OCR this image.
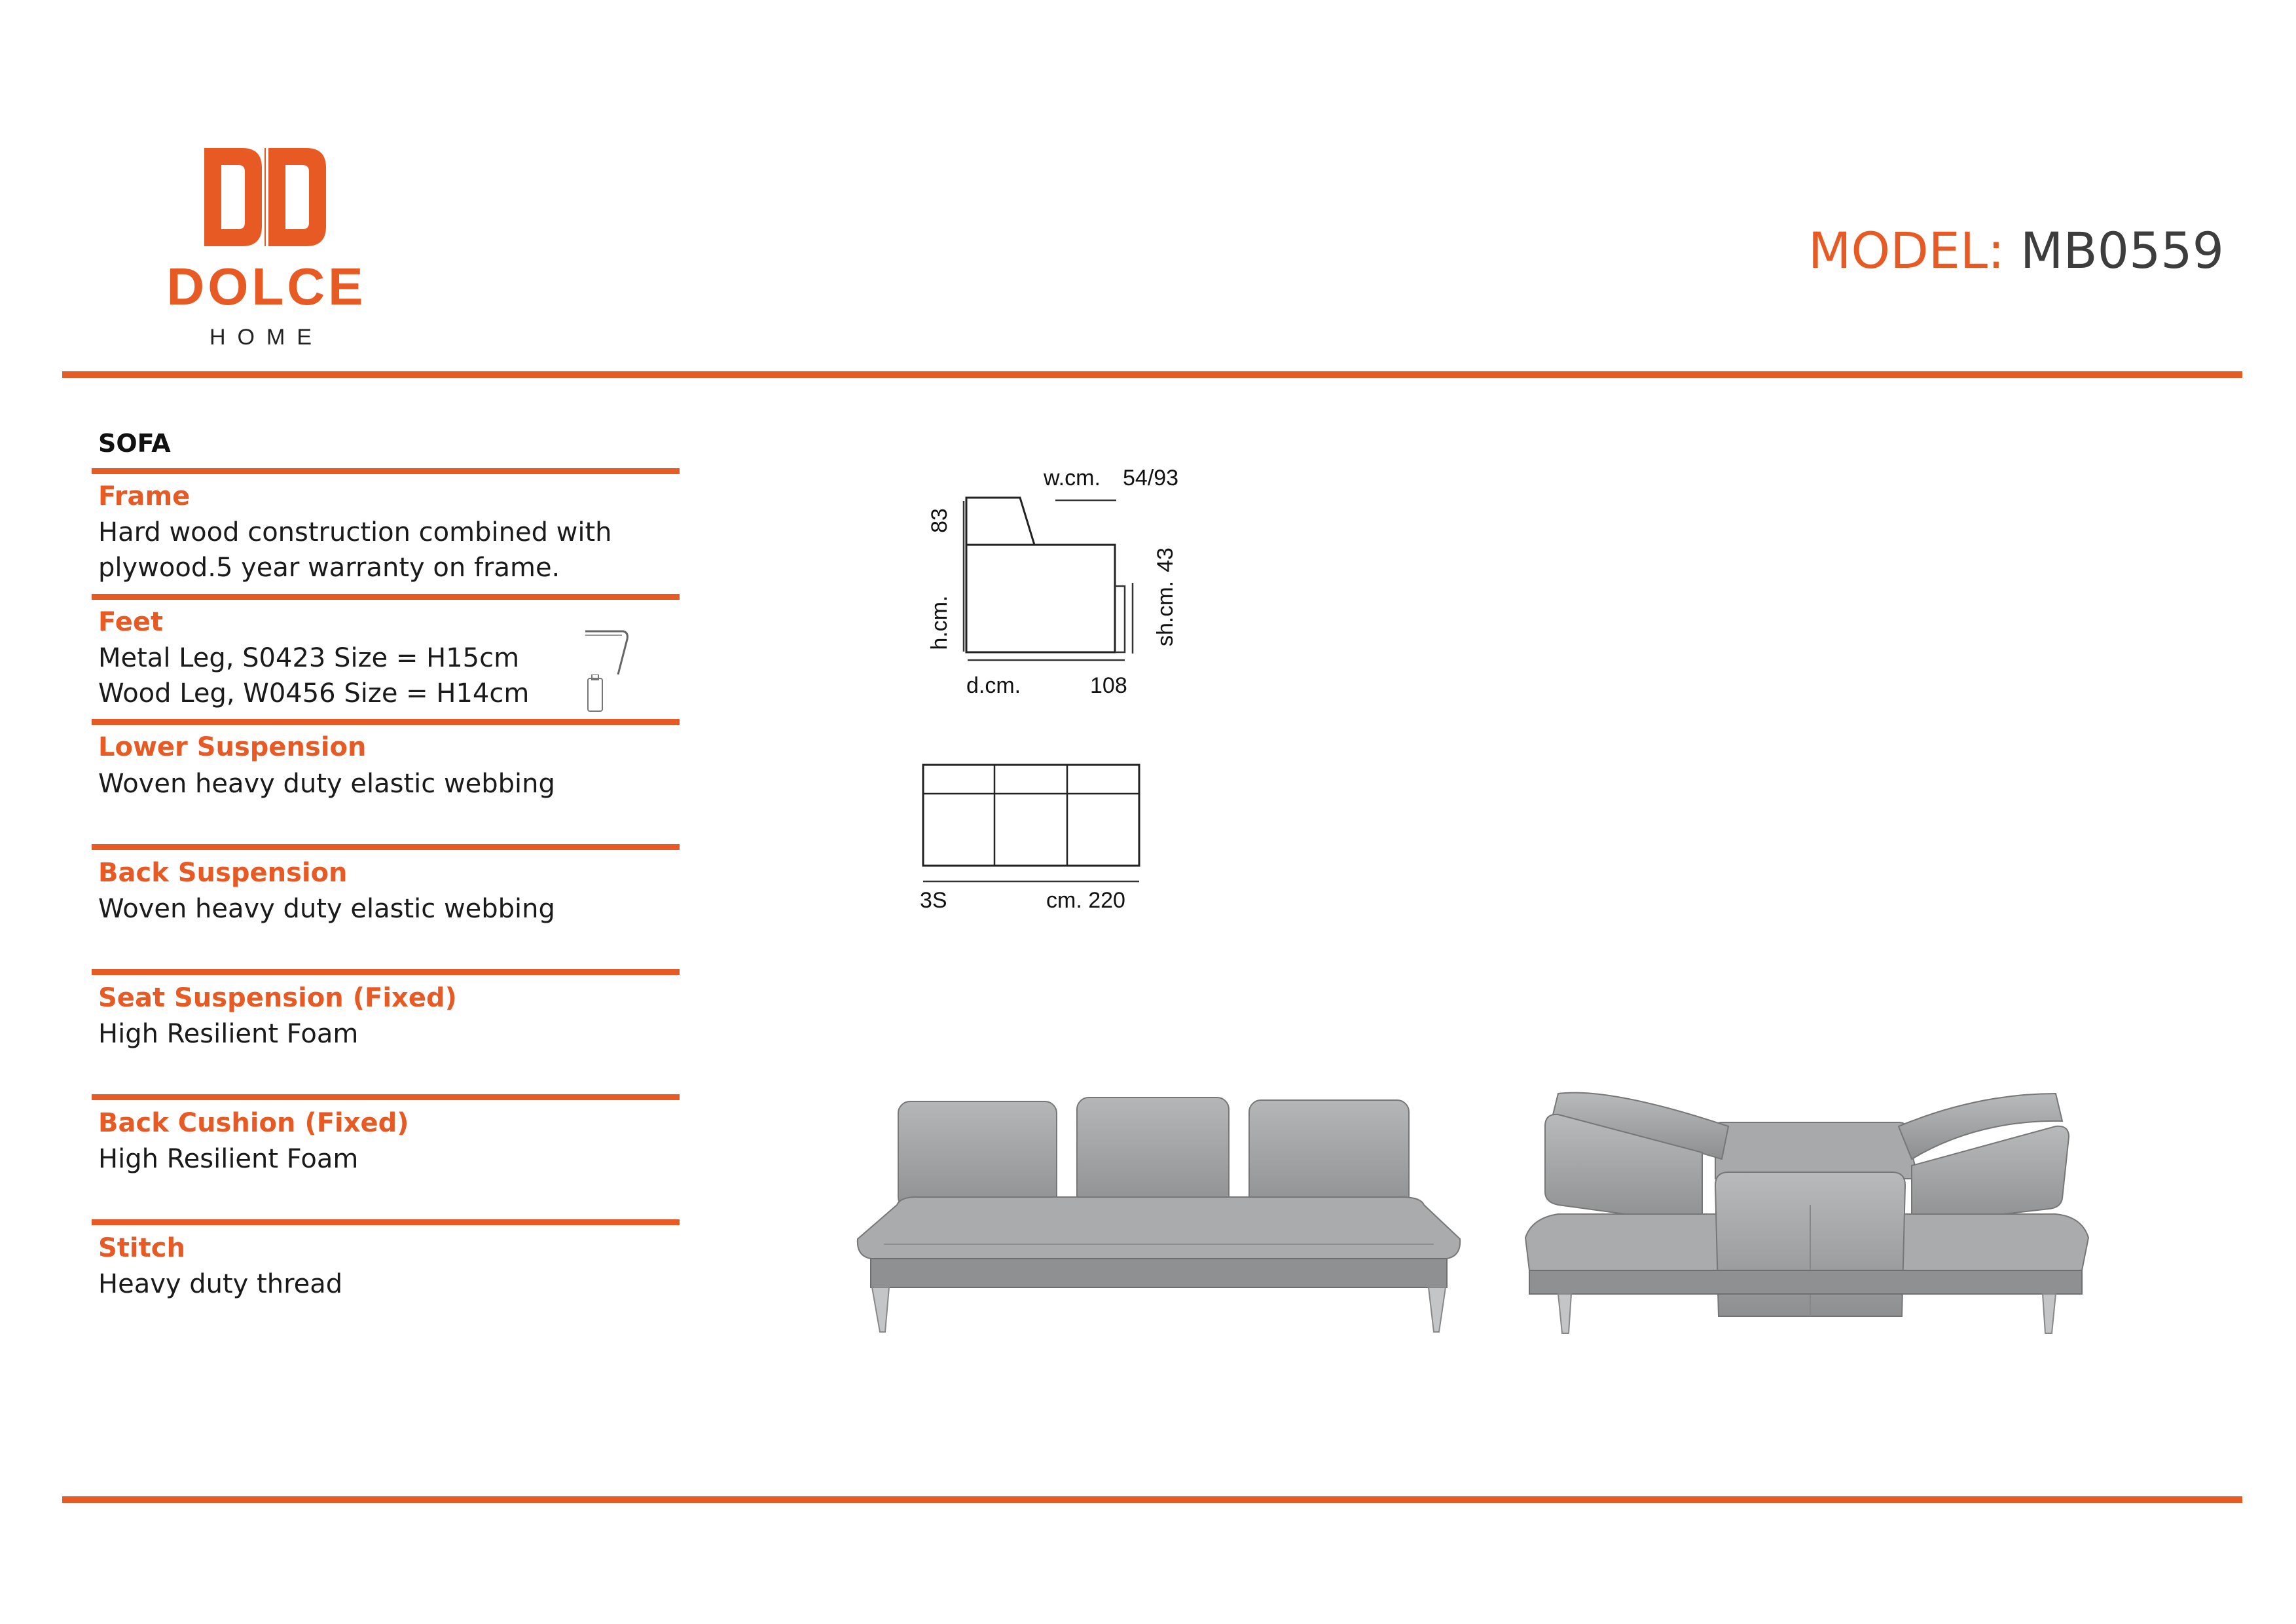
DOLCE
HOME
MODEL: MB0559
SOFA
Frame
Hard wood construction combined with
plywood.5 year warranty on frame.
Feet
Metal Leg, S0423 Size = H15cm
Wood Leg, W0456 Size = H14cm
Lower Suspension
Woven heavy duty elastic webbing
Back Suspension
Woven heavy duty elastic webbing
Seat Suspension (Fixed)
High Resilient Foam
Back Cushion (Fixed)
High Resilient Foam
Stitch
Heavy duty thread
w.cm. 54/93
83
h.cm.
43
sh.cm.
d.cm.	108
3S	cm. 220
